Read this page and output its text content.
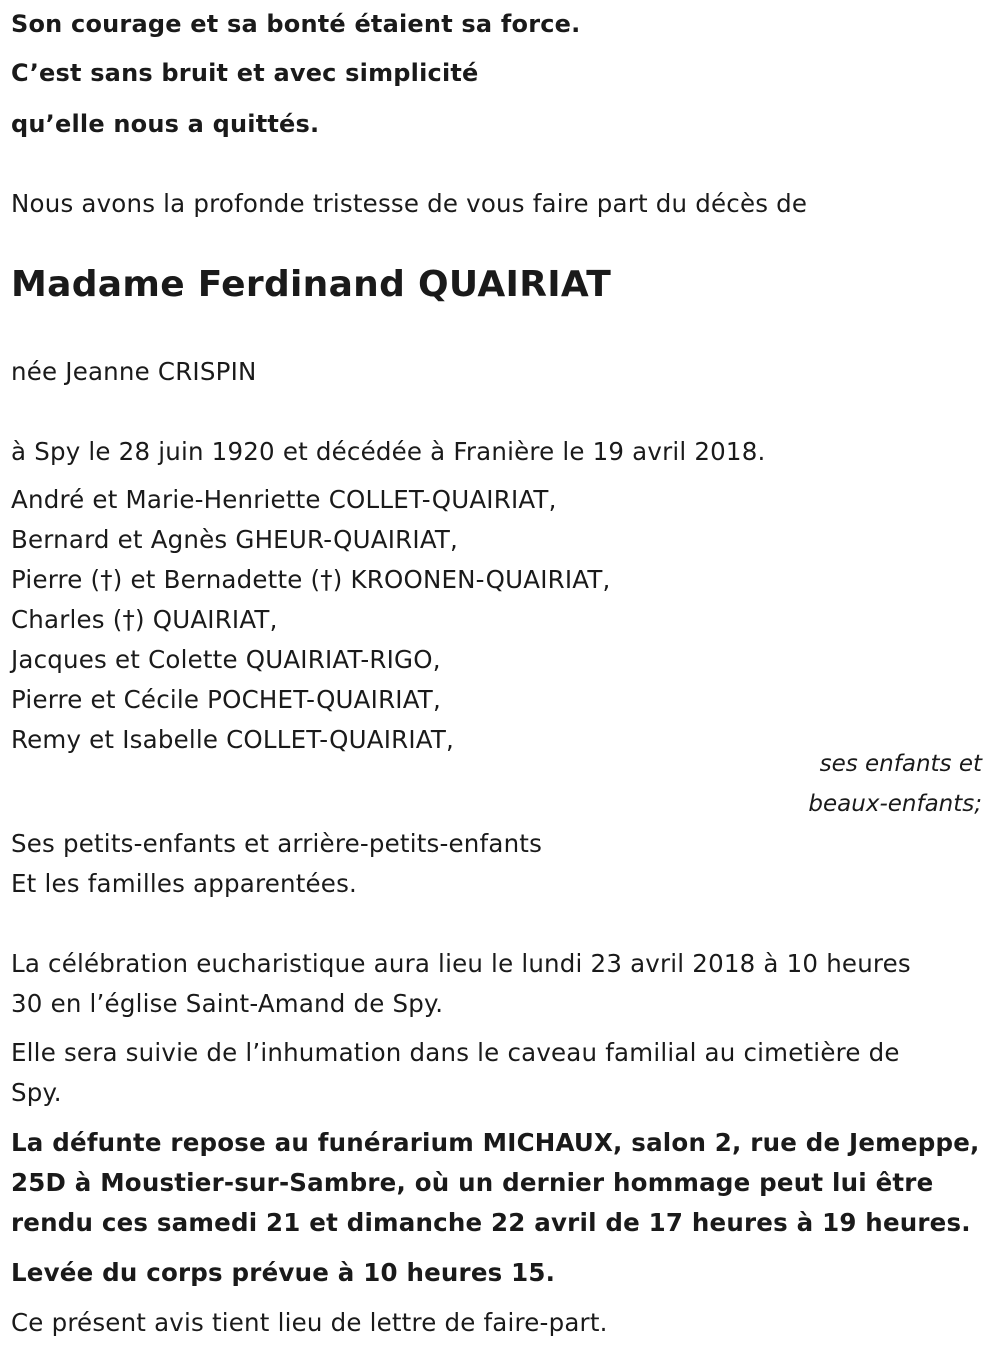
Son courage et sa bonté étaient sa force.
C’est sans bruit et avec simplicité
qu’elle nous a quittés.
Nous avons la profonde tristesse de vous faire part du décès de
Madame Ferdinand QUAIRIAT
née Jeanne CRISPIN
à Spy le 28 juin 1920 et décédée à Franière le 19 avril 2018.
André et Marie-Henriette COLLET-QUAIRIAT,
Bernard et Agnès GHEUR-QUAIRIAT,
Pierre (†) et Bernadette (†) KROONEN-QUAIRIAT,
Charles (†) QUAIRIAT,
Jacques et Colette QUAIRIAT-RIGO,
Pierre et Cécile POCHET-QUAIRIAT,
Remy et Isabelle COLLET-QUAIRIAT,
ses enfants et
beaux-enfants;
Ses petits-enfants et arrière-petits-enfants
Et les familles apparentées.
La célébration eucharistique aura lieu le lundi 23 avril 2018 à 10 heures
30 en l’église Saint-Amand de Spy.
Elle sera suivie de l’inhumation dans le caveau familial au cimetière de
Spy.
La défunte repose au funérarium MICHAUX, salon 2, rue de Jemeppe,
25D à Moustier-sur-Sambre, où un dernier hommage peut lui être
rendu ces samedi 21 et dimanche 22 avril de 17 heures à 19 heures.
Levée du corps prévue à 10 heures 15.
Ce présent avis tient lieu de lettre de faire-part.
